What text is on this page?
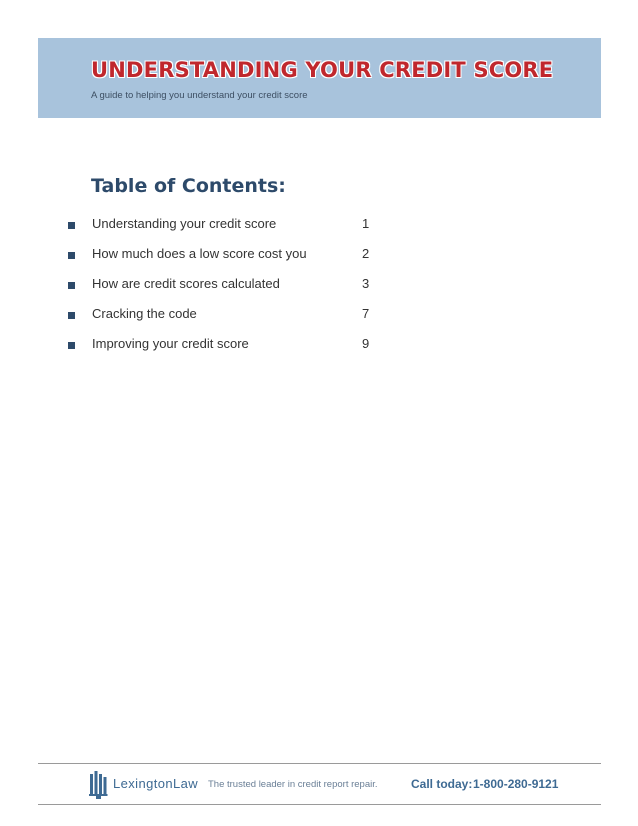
UNDERSTANDING YOUR CREDIT SCORE
A guide to helping you understand your credit score
Table of Contents:
Understanding your credit score	1
How much does a low score cost you	2
How are credit scores calculated	3
Cracking the code	7
Improving your credit score	9
LexingtonLaw The trusted leader in credit report repair.	Call today: 1-800-280-9121
